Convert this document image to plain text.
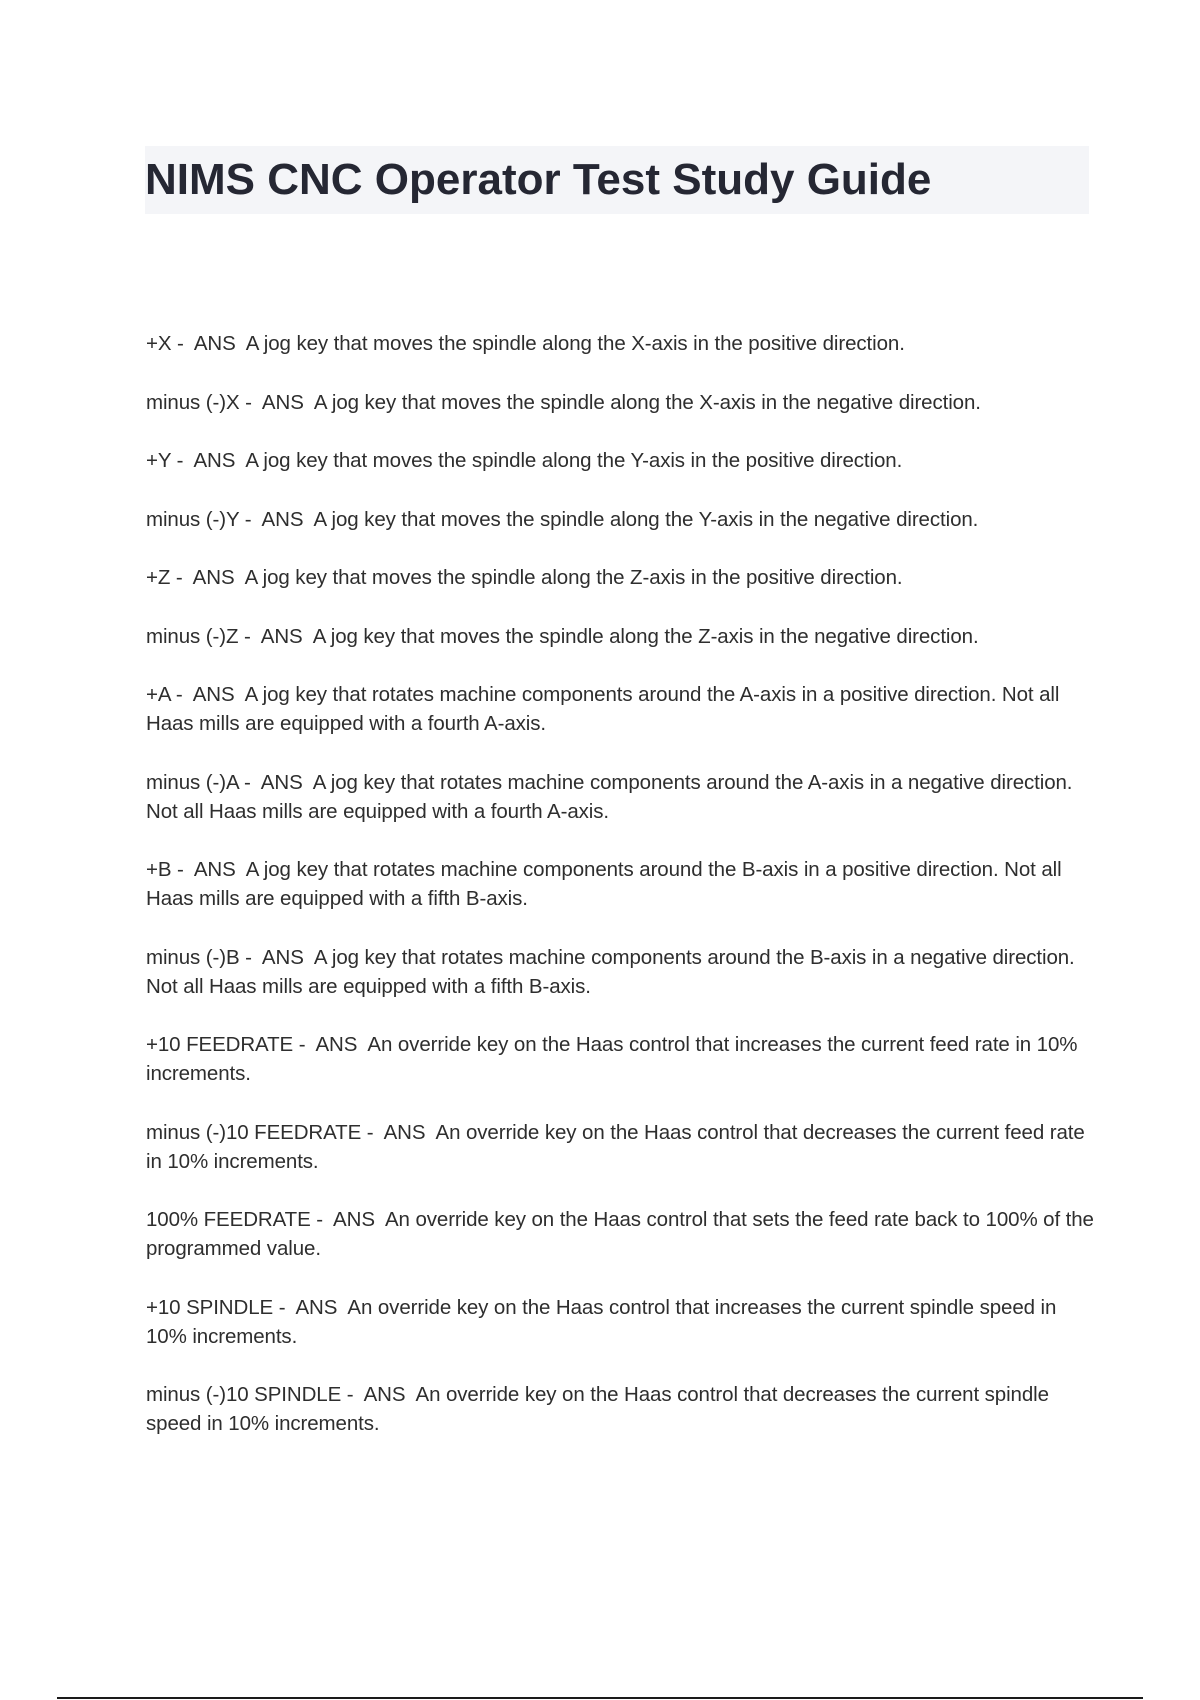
NIMS CNC Operator Test Study Guide

+X -  ANS  A jog key that moves the spindle along the X-axis in the positive direction.

minus (-)X -  ANS  A jog key that moves the spindle along the X-axis in the negative direction.

+Y -  ANS  A jog key that moves the spindle along the Y-axis in the positive direction.

minus (-)Y -  ANS  A jog key that moves the spindle along the Y-axis in the negative direction.

+Z -  ANS  A jog key that moves the spindle along the Z-axis in the positive direction.

minus (-)Z -  ANS  A jog key that moves the spindle along the Z-axis in the negative direction.

+A -  ANS  A jog key that rotates machine components around the A-axis in a positive direction. Not all Haas mills are equipped with a fourth A-axis.

minus (-)A -  ANS  A jog key that rotates machine components around the A-axis in a negative direction. Not all Haas mills are equipped with a fourth A-axis.

+B -  ANS  A jog key that rotates machine components around the B-axis in a positive direction. Not all Haas mills are equipped with a fifth B-axis.

minus (-)B -  ANS  A jog key that rotates machine components around the B-axis in a negative direction. Not all Haas mills are equipped with a fifth B-axis.

+10 FEEDRATE -  ANS  An override key on the Haas control that increases the current feed rate in 10% increments.

minus (-)10 FEEDRATE -  ANS  An override key on the Haas control that decreases the current feed rate in 10% increments.

100% FEEDRATE -  ANS  An override key on the Haas control that sets the feed rate back to 100% of the programmed value.

+10 SPINDLE -  ANS  An override key on the Haas control that increases the current spindle speed in 10% increments.

minus (-)10 SPINDLE -  ANS  An override key on the Haas control that decreases the current spindle speed in 10% increments.
